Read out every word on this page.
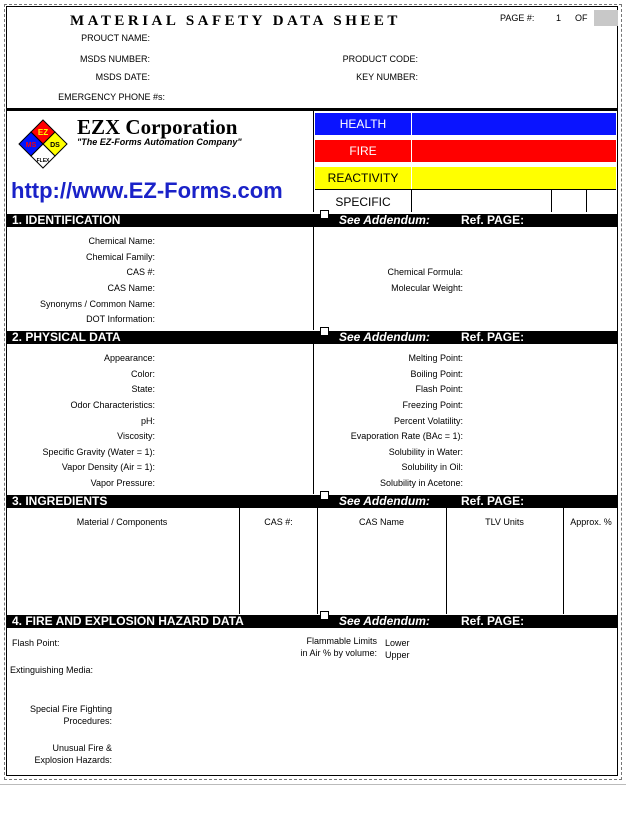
MATERIAL SAFETY DATA SHEET	PAGE #: 1 OF
PROUCT NAME:
MSDS NUMBER:
MSDS DATE:
EMERGENCY PHONE #s:
PRODUCT CODE:
KEY NUMBER:
EZ
MS DS
FLEX
EZX Corporation
"The EZ-Forms Automation Company"
http://www.EZ-Forms.com
HEALTH
FIRE
REACTIVITY
SPECIFIC
1. IDENTIFICATION	See Addendum:	Ref. PAGE:
Chemical Name:
Chemical Family:
CAS #:
CAS Name:
Synonyms / Common Name:
DOT Information:
Chemical Formula:
Molecular Weight:
2. PHYSICAL DATA	See Addendum:	Ref. PAGE:
Appearance:
Color:
State:
Odor Characteristics:
pH:
Viscosity:
Specific Gravity (Water = 1):
Vapor Density (Air = 1):
Vapor Pressure:
Melting Point:
Boiling Point:
Flash Point:
Freezing Point:
Percent Volatility:
Evaporation Rate (BAc = 1):
Solubility in Water:
Solubility in Oil:
Solubility in Acetone:
3. INGREDIENTS	See Addendum:	Ref. PAGE:
Material / Components	CAS #:	CAS Name	TLV Units	Approx. %
4. FIRE AND EXPLOSION HAZARD DATA	See Addendum:	Ref. PAGE:
Flash Point:	Flammable Limits
in Air % by volume:
Lower
Upper
Extinguishing Media:
Special Fire Fighting
Procedures:
Unusual Fire &
Explosion Hazards:
